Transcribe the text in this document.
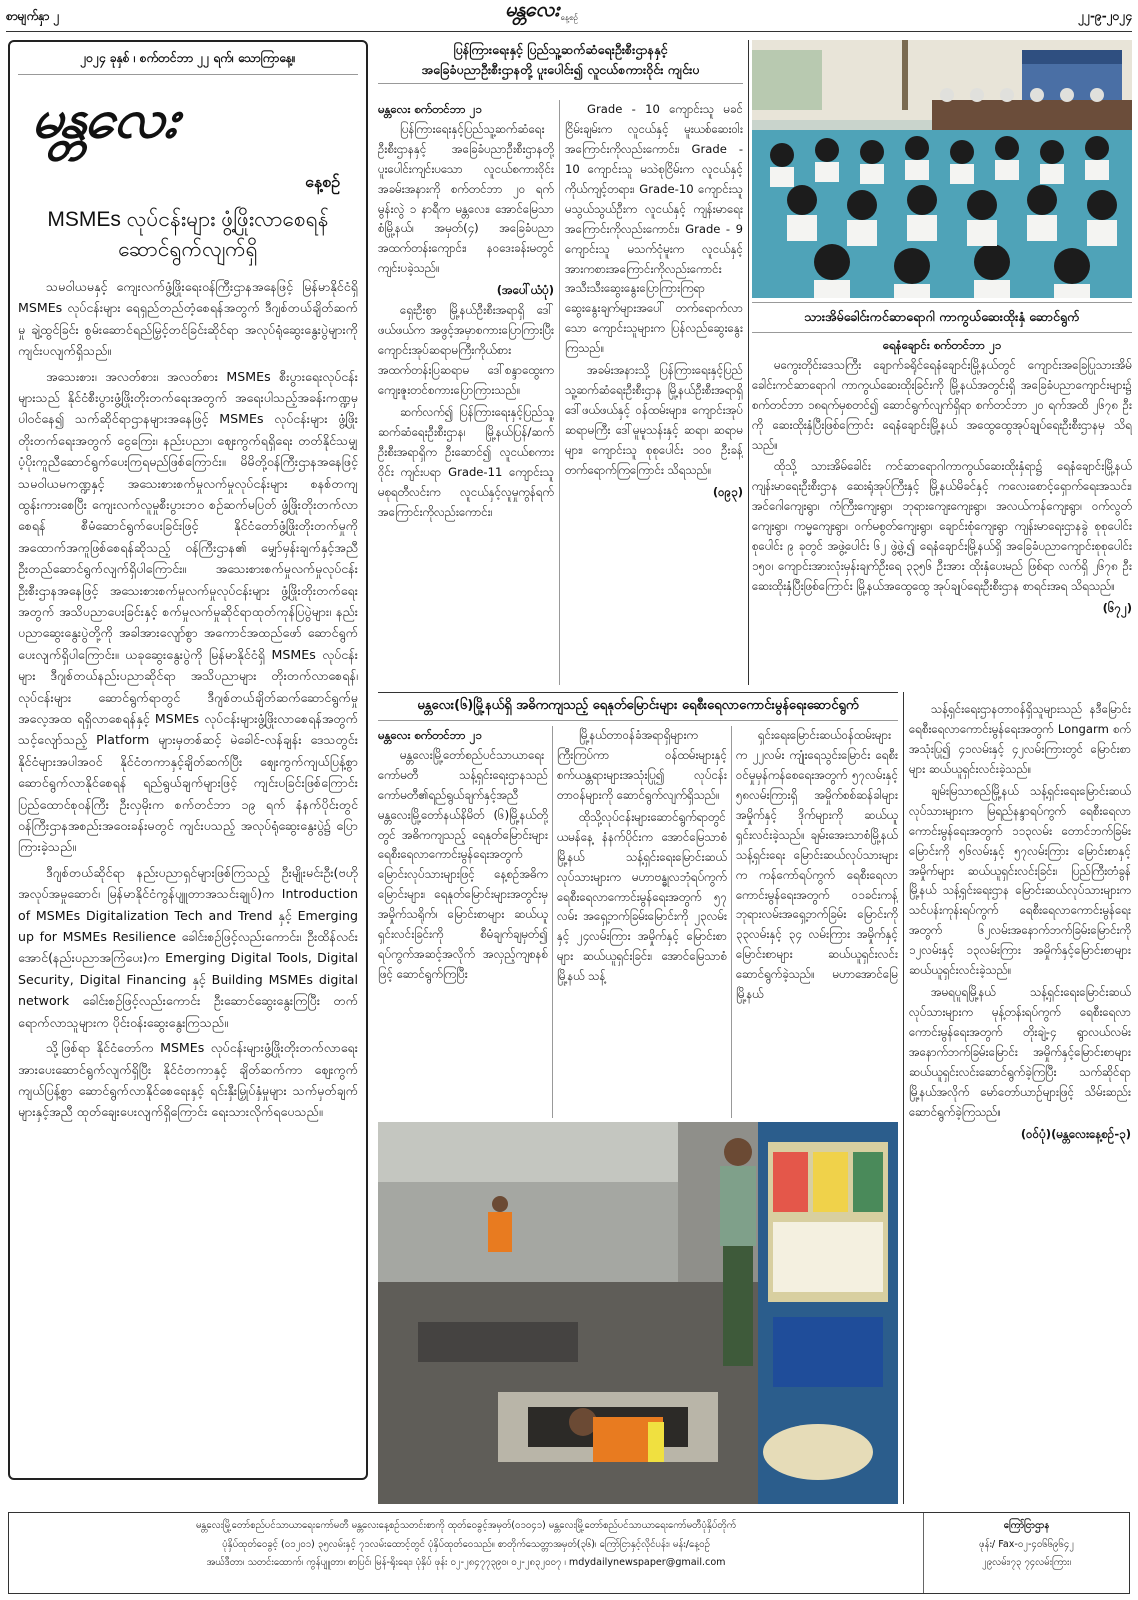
စာမျက်နှာ ၂	၂၂-၉-၂၀၂၄
မန္တလေး နေ့စဉ်
၂၀၂၄ ခုနှစ် ၊ စက်တင်ဘာ ၂၂ ရက်၊ သောကြာနေ့။
မန္တလေး
နေ့စဉ်
MSMEs လုပ်ငန်းများ ဖွံ့ဖြိုးလာစေရန်
ဆောင်ရွက်လျက်ရှိ

သမဝါယမနှင့် ကျေးလက်ဖွံ့ဖြိုးရေးဝန်ကြီးဌာနအနေဖြင့် မြန်မာနိုင်ငံရှိ MSMEs လုပ်ငန်းများ ရေရှည်တည်တံ့စေရန်အတွက် ဒီဂျစ်တယ်ချိတ်ဆက်မှု ချဲ့ထွင်ခြင်း စွမ်းဆောင်ရည်မြှင့်တင်ခြင်းဆိုင်ရာ အလုပ်ရုံဆွေးနွေးပွဲများကို ကျင်းပလျက်ရှိသည်။

အသေးစား၊ အလတ်စား၊ အလတ်စား MSMEs စီးပွားရေးလုပ်ငန်းများသည် နိုင်ငံစီးပွားဖွံ့ဖြိုးတိုးတက်ရေးအတွက် အရေးပါသည့်အခန်းကဏ္ဍမှ ပါဝင်နေ၍ သက်ဆိုင်ရာဌာနများအနေဖြင့် MSMEs လုပ်ငန်းများ ဖွံ့ဖြိုးတိုးတက်ရေးအတွက် ငွေကြေး၊ နည်းပညာ၊ ဈေးကွက်ရရှိရေး တတ်နိုင်သမျှပံ့ပိုးကူညီဆောင်ရွက်ပေးကြရမည်ဖြစ်ကြောင်း။ မိမိတို့ဝန်ကြီးဌာနအနေဖြင့် သမဝါယမကဏ္ဍနှင့် အသေးစားစက်မှုလက်မှုလုပ်ငန်းများ စနစ်တကျ ထွန်းကားစေပြီး ကျေးလက်လူမှုစီးပွားဘဝ စဉ်ဆက်မပြတ် ဖွံ့ဖြိုးတိုးတက်လာစေရန် စီမံဆောင်ရွက်ပေးခြင်းဖြင့် နိုင်ငံတော်ဖွံ့ဖြိုးတိုးတက်မှုကို အထောက်အကူဖြစ်စေရန်ဆိုသည့် ဝန်ကြီးဌာန၏ မျှော်မှန်းချက်နှင့်အညီ ဦးတည်ဆောင်ရွက်လျက်ရှိပါကြောင်း။ အသေးစားစက်မှုလက်မှုလုပ်ငန်း ဦးစီးဌာနအနေဖြင့် အသေးစားစက်မှုလက်မှုလုပ်ငန်းများ ဖွံ့ဖြိုးတိုးတက်ရေးအတွက် အသိပညာပေးခြင်းနှင့် စက်မှုလက်မှုဆိုင်ရာထုတ်ကုန်ပြပွဲများ၊ နည်းပညာဆွေးနွေးပွဲတို့ကို အခါအားလျော်စွာ အကောင်အထည်ဖော် ဆောင်ရွက်ပေးလျက်ရှိပါကြောင်း။ ယခုဆွေးနွေးပွဲကို မြန်မာနိုင်ငံရှိ MSMEs လုပ်ငန်းများ ဒီဂျစ်တယ်နည်းပညာဆိုင်ရာ အသိပညာများ တိုးတက်လာစေရန်၊ လုပ်ငန်းများ ဆောင်ရွက်ရာတွင် ဒီဂျစ်တယ်ချိတ်ဆက်ဆောင်ရွက်မှုအလေ့အထ ရရှိလာစေရန်နှင့် MSMEs လုပ်ငန်းများဖွံ့ဖြိုးလာစေရန်အတွက် သင့်လျော်သည့် Platform များမှတစ်ဆင့် မဲခေါင်-လန်ချန်း ဒေသတွင်းနိုင်ငံများအပါအဝင် နိုင်ငံတကာနှင့်ချိတ်ဆက်ပြီး ဈေးကွက်ကျယ်ပြန့်စွာ ဆောင်ရွက်လာနိုင်စေရန် ရည်ရွယ်ချက်များဖြင့် ကျင်းပခြင်းဖြစ်ကြောင်း ပြည်ထောင်စုဝန်ကြီး ဦးလှမိုးက စက်တင်ဘာ ၁၉ ရက် နံနက်ပိုင်းတွင် ဝန်ကြီးဌာနအစည်းအဝေးခန်းမတွင် ကျင်းပသည့် အလုပ်ရုံဆွေးနွေးပွဲ၌ ပြောကြားခဲ့သည်။

ဒီဂျစ်တယ်ဆိုင်ရာ နည်းပညာရှင်များဖြစ်ကြသည့် ဦးမျိုးမင်းဦး(ဗဟိုအလုပ်အမှုဆောင်၊ မြန်မာနိုင်ငံကွန်ပျူတာအသင်းချုပ်)က Introduction of MSMEs Digitalization Tech and Trend နှင့် Emerging up for MSMEs Resilience ခေါင်းစဉ်ဖြင့်လည်းကောင်း၊ ဦးထိန်လင်းအောင်(နည်းပညာအကြံပေး)က Emerging Digital Tools, Digital Security, Digital Financing နှင့် Building MSMEs digital network ခေါင်းစဉ်ဖြင့်လည်းကောင်း ဦးဆောင်ဆွေးနွေးကြပြီး တက်ရောက်လာသူများက ပိုင်းဝန်းဆွေးနွေးကြသည်။

သို့ဖြစ်ရာ နိုင်ငံတော်က MSMEs လုပ်ငန်းများဖွံ့ဖြိုးတိုးတက်လာရေး အားပေးဆောင်ရွက်လျက်ရှိပြီး နိုင်ငံတကာနှင့် ချိတ်ဆက်ကာ ဈေးကွက်ကျယ်ပြန့်စွာ ဆောင်ရွက်လာနိုင်စေရေးနှင့် ရင်းနှီးမြှုပ်နှံမှုများ သက်မှတ်ချက်များနှင့်အညီ ထုတ်ချေးပေးလျက်ရှိကြောင်း ရေးသားလိုက်ရပေသည်။

ပြန်ကြားရေးနှင့် ပြည်သူ့ဆက်ဆံရေးဦးစီးဌာနနှင့်
အခြေခံပညာဦးစီးဌာနတို့ ပူးပေါင်း၍ လူငယ်စကားဝိုင်း ကျင်းပ
မန္တလေး စက်တင်ဘာ ၂၁

ပြန်ကြားရေးနှင့်ပြည်သူ့ဆက်ဆံရေးဦးစီးဌာနနှင့် အခြေခံပညာဦးစီးဌာနတို့ ပူးပေါင်းကျင်းပသော လူငယ်စကားဝိုင်း အခမ်းအနားကို စက်တင်ဘာ ၂၀ ရက် မွန်းလွဲ ၁ နာရီက မန္တလေး၊ အောင်မြေသာစံမြို့နယ်၊ အမှတ်(၄) အခြေခံပညာအထက်တန်းကျောင်း၊ နဝဒေးခန်းမတွင် ကျင်းပခဲ့သည်။

(အပေါ်ယံပုံ)

ရှေးဦးစွာ မြို့နယ်ဦးစီးအရာရှိ ဒေါ်ဖယ်ဖယ်က အဖွင့်အမှာစကားပြောကြားပြီး ကျောင်းအုပ်ဆရာမကြီးကိုယ်စား အထက်တန်းပြဆရာမ ဒေါ်စန္ဒာထွေးက ကျေးဇူးတင်စကားပြောကြားသည်။

ဆက်လက်၍ ပြန်ကြားရေးနှင့်ပြည်သူ့ဆက်ဆံရေးဦးစီးဌာန၊ မြို့နယ်ပြန်/ဆက်ဦးစီးအရာရှိက ဦးဆောင်၍ လူငယ်စကားဝိုင်း ကျင်းပရာ Grade-11 ကျောင်းသူ မစုရတီလင်းက လူငယ်နှင့်လူမှုကွန်ရက်အကြောင်းကိုလည်းကောင်း၊

Grade - 10 ကျောင်းသူ မခင်ငြိမ်းချမ်းက လူငယ်နှင့် မူးယစ်ဆေးဝါးအကြောင်းကိုလည်းကောင်း၊ Grade - 10 ကျောင်းသူ မသဲစုငြိမ်းက လူငယ်နှင့် ကိုယ်ကျင့်တရား၊ Grade-10 ကျောင်းသူ မသွယ်သွယ်ဦးက လူငယ်နှင့် ကျန်းမာရေးအကြောင်းကိုလည်းကောင်း၊ Grade - 9 ကျောင်းသူ မသက်ငုံမူးက လူငယ်နှင့် အားကစားအကြောင်းကိုလည်းကောင်း အသီးသီးဆွေးနွေးပြောကြားကြရာ ဆွေးနွေးချက်များအပေါ် တက်ရောက်လာသော ကျောင်းသူများက ပြန်လည်ဆွေးနွေးကြသည်။

အခမ်းအနားသို့ ပြန်ကြားရေးနှင့်ပြည်သူ့ဆက်ဆံရေးဦးစီးဌာန မြို့နယ်ဦးစီးအရာရှိ ဒေါ်ဖယ်ဖယ်နှင့် ဝန်ထမ်းများ၊ ကျောင်းအုပ်ဆရာမကြီး ဒေါ်မူမူသန်းနှင့် ဆရာ၊ ဆရာမများ၊ ကျောင်းသူ စုစုပေါင်း ၁၀၀ ဦးခန့် တက်ရောက်ကြကြောင်း သိရသည်။

(၀၉၃)
သားအိမ်ခေါင်းကင်ဆာရောဂါ ကာကွယ်ဆေးထိုးနှံ ဆောင်ရွက်
ရေနံချောင်း စက်တင်ဘာ ၂၁

မကွေးတိုင်းဒေသကြီး ချောက်ခရိုင်ရေနံချောင်းမြို့နယ်တွင် ကျောင်းအခြေပြုသားအိမ်ခေါင်းကင်ဆာရောဂါ ကာကွယ်ဆေးထိုးခြင်းကို မြို့နယ်အတွင်းရှိ အခြေခံပညာကျောင်းများ၌ စက်တင်ဘာ ၁၈ရက်မှစတင်၍ ဆောင်ရွက်လျက်ရှိရာ စက်တင်ဘာ ၂၀ ရက်အထိ ၂၆၇၈ ဦးကို ဆေးထိုးနှံပြီးဖြစ်ကြောင်း ရေနံချောင်းမြို့နယ် အထွေထွေအုပ်ချုပ်ရေးဦးစီးဌာနမှ သိရသည်။

ထိုသို့ သားအိမ်ခေါင်း ကင်ဆာရောဂါကာကွယ်ဆေးထိုးနှံရာ၌ ရေနံချောင်းမြို့နယ် ကျန်းမာရေးဦးစီးဌာန ဆေးရုံအုပ်ကြီးနှင့် မြို့နယ်မိခင်နှင့် ကလေးစောင့်ရှောက်ရေးအသင်း၊ အင်ဂေါကျေးရွာ၊ ကံကြီးကျေးရွာ၊ ဘုရားကျေးကျေးရွာ၊ အလယ်ကန်ကျေးရွာ၊ ဝက်လွတ်ကျေးရွာ၊ ကမ္မကျေးရွာ၊ ဝက်မစွတ်ကျေးရွာ၊ ချောင်းစုံကျေးရွာ ကျန်းမာရေးဌာနခွဲ စုစုပေါင်းစုပေါင်း ၉ ခုတွင် အဖွဲ့ပေါင်း ၆၂ ဖွဲ့ဖွဲ့၍ ရေနံချောင်းမြို့နယ်ရှိ အခြေခံပညာကျောင်းစုစုပေါင်း ၁၅၀၊ ကျောင်းအားလုံးမှန်းချက်ဦးရေ ၃၃၅၆ ဦးအား ထိုးနှံပေးမည် ဖြစ်ရာ လက်ရှိ ၂၆၇၈ ဦး ဆေးထိုးနှံပြီးဖြစ်ကြောင်း မြို့နယ်အထွေထွေ အုပ်ချုပ်ရေးဦးစီးဌာန စာရင်းအရ သိရသည်။

(၆၇၂)
မန္တလေး(၆)မြို့နယ်ရှိ အဓိကကျသည့် ရေနုတ်မြောင်းများ ရေစီးရေလာကောင်းမွန်ရေးဆောင်ရွက်
မန္တလေး စက်တင်ဘာ ၂၁

မန္တလေးမြို့တော်စည်ပင်သာယာရေးကော်မတီ သန့်ရှင်းရေးဌာနသည် ကော်မတီ၏ရည်ရွယ်ချက်နှင့်အညီ မန္တလေးမြို့တော်နယ်နိမိတ် (၆)မြို့နယ်တို့တွင် အဓိကကျသည့် ရေနုတ်မြောင်းများ ရေစီးရေလာကောင်းမွန်ရေးအတွက် မြောင်းလုပ်သားများဖြင့် နေ့စဉ်အဓိကမြောင်းများ၊ ရေနုတ်မြောင်းများအတွင်းမှ အမှိုက်သရိုက်၊ မြောင်းစာများ ဆယ်ယူရှင်းလင်းခြင်းကို စီမံချက်ချမှတ်၍ ရပ်ကွက်အဆင့်အလိုက် အလှည့်ကျစနစ်ဖြင့် ဆောင်ရွက်ကြပြီး

မြို့နယ်တာဝန်ခံအရာရှိများက ကြီးကြပ်ကာ ဝန်ထမ်းများနှင့် စက်ယန္တရားများအသုံးပြု၍ လုပ်ငန်းတာဝန်များကို ဆောင်ရွက်လျက်ရှိသည်။

ထိုသို့လုပ်ငန်းများဆောင်ရွက်ရာတွင် ယမန်နေ့ နံနက်ပိုင်းက အောင်မြေသာစံမြို့နယ် သန့်ရှင်းရေးမြောင်းဆယ်လုပ်သားများက မဟာဗန္ဓုလဘုံရပ်ကွက် ရေစီးရေလာကောင်းမွန်ရေးအတွက် ၅၇ လမ်း အရှေ့ဘက်ခြမ်းမြောင်းကို ၂၃လမ်းနှင့် ၂၄လမ်းကြား အမှိုက်နှင့် မြောင်းစာများ ဆယ်ယူရှင်းခြင်း၊ အောင်မြေသာစံမြို့နယ် သန့်

ရှင်းရေးမြောင်းဆယ်ဝန်ထမ်းများက ၂၂လမ်း ကျုံးရေသွင်းမြောင်း ရေစီးဝင်မှုမှန်ကန်စေရေးအတွက် ၅၇လမ်းနှင့် ၅၈လမ်းကြားရှိ အမှိုက်စစ်ဆန်ခါများ အမှိုက်နှင့် ဒိုက်များကို ဆယ်ယူရှင်းလင်းခဲ့သည်။ ချမ်းအေးသာစံမြို့နယ် သန့်ရှင်းရေး မြောင်းဆယ်လုပ်သားများက ကန်ကော်ရပ်ကွက် ရေစီးရေလာကောင်းမွန်ရေးအတွက် ၀၁ခင်းကန့်ဘုရားလမ်းအရှေ့ဘက်ခြမ်း မြောင်းကို ၃၃လမ်းနှင့် ၃၄ လမ်းကြား အမှိုက်နှင့် မြောင်းစာများ ဆယ်ယူရှင်းလင်းဆောင်ရွက်ခဲ့သည်။ မဟာအောင်မြေမြို့နယ်

သန့်ရှင်းရေးဌာနတာဝန်ရှိသူများသည် နဒီမြောင်း ရေစီးရေလာကောင်းမွန်ရေးအတွက် Longarm စက်အသုံးပြု၍ ၄၁လမ်းနှင့် ၄၂လမ်းကြားတွင် မြောင်းစာများ ဆယ်ယူရှင်းလင်းခဲ့သည်။

ချမ်းမြသာစည်မြို့နယ် သန့်ရှင်းရေးမြောင်းဆယ်လုပ်သားများက မြရည်နန္ဒာရပ်ကွက် ရေစီးရေလာကောင်းမွန်ရေးအတွက် ၁၁၃လမ်း တောင်ဘက်ခြမ်းမြောင်းကို ၅၆လမ်းနှင့် ၅၇လမ်းကြား မြောင်းစာနှင့်အမှိုက်များ ဆယ်ယူရှင်းလင်းခြင်း၊ ပြည်ကြီးတံခွန်မြို့နယ် သန့်ရှင်းရေးဌာန မြောင်းဆယ်လုပ်သားများက သင်ပန်းကုန်းရပ်ကွက် ရေစီးရေလာကောင်းမွန်ရေးအတွက် ၆၂လမ်းအနောက်ဘက်ခြမ်းမြောင်းကို ၁၂လမ်းနှင့် ၁၃လမ်းကြား အမှိုက်နှင့်မြောင်းစာများ ဆယ်ယူရှင်းလင်းခဲ့သည်။

အမရပူရမြို့နယ် သန့်ရှင်းရေးမြောင်းဆယ်လုပ်သားများက မုန့်တန်းရပ်ကွက် ရေစီးရေလာကောင်းမွန်ရေးအတွက် တိုးချဲ့-၄ ရွာလယ်လမ်းအနောက်ဘက်ခြမ်းမြောင်း အမှိုက်နှင့်မြောင်းစာများ ဆယ်ယူရှင်းလင်းဆောင်ရွက်ခဲ့ကြပြီး သက်ဆိုင်ရာမြို့နယ်အလိုက် မော်တော်ယာဉ်များဖြင့် သိမ်းဆည်းဆောင်ရွက်ခဲ့ကြသည်။

(ဝဝ်ပုံ)(မန္တလေးနေ့စဉ်-၃)
မန္တလေးမြို့တော်စည်ပင်သာယာရေးကော်မတီ မန္တလေးနေ့စဉ်သတင်းစာကို ထုတ်ဝေခွင့်အမှတ်(၀၁၀၄၁) မန္တလေးမြို့တော်စည်ပင်သာယာရေးကော်မတီပုံနှိပ်တိုက်
ပုံနှိပ်ထုတ်ဝေခွင့် (၀၁၂၀၁) ၃၅လမ်းနှင့် ၇၁လမ်းထောင့်တွင် ပုံနှိပ်ထုတ်ဝေသည်။ စာတိုက်သေတ္တာအမှတ်(၃၆)၊ ကြော်ငြာနှင့်လိုင်ပန်း၊ မန်း/နေ့ဝဉ်
အယ်ဒီတာ၊ သတင်းထောက်၊ ကွန်ပျူတာ၊ စာပြင်၊ မြန်-ရိုးရေး၊ ပုံနှိပ် ဖုန်း ၀၂-၂၈၄၇၇၃၉၀၊ ၀၂-၂၈၃၂၀၀၇ ၊ mdydailynewspaper@gmail.com
ကြော်ငြာဌာန
ဖုန်း/ Fax-၀၂-၄၀၆၆၉၆၄၂
၂၉လမ်း၊၇၃ ၇၄လမ်းကြား၊
